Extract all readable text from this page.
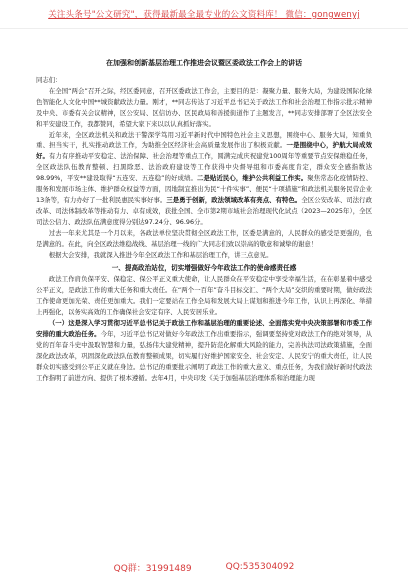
关注头条号"公文研究"，获得最新最全最专业的公文资料库！ 微信：gongwenyj
在加强和创新基层治理工作推进会议暨区委政法工作会上的讲话
同志们：

在全国“两会”召开之际，经区委同意，召开区委政法工作会，主要目的是：凝聚力量、服务大局，为建设国际化绿色智能化人文化中国**城资献政法力量。刚才，**同志传达了习近平总书记关于政法工作和社会治理工作指示批示精神及中央、市委有关会议精神，区公安局、区信访办、区民政局和善援街道作了主题发言，**同志安排部署了全区法安全和平安建设工作，我都赞同，希望大家下来以以认真抓好落实。

近年来，全区政法机关和政法干警深学笃用习近平新时代中国特色社会主义思想，围绕中心、服务大局，知重负重、担当实干，扎实推动政法工作，为助推全区经济社会高质量发展作出了积极贡献。一是围绕中心，护航大局成效好。有力有序推动平安稳定、法治保障、社会治理等重点工作，圆满完成庆祝建党100周年等重要节点安保维稳任务，全区政法队伍教育整顿、扫黑除恶、法治政府建设等工作获得中央督导组和市委高度肯定，群众安全感指数达98.99%，平安**建设取得“五连安、五连稳”的好成绩。二是贴近民心，维护公共利益工作实。聚焦常态化疫情防控、服务和发展市场主体、维护群众权益等方面，因地制宜推出为民“十件实事”、便民“十项措施”和政法机关服务民营企业13条等，有力办好了一批利民惠民实事好事。三是勇于创新，政法领域改革有亮点、有特色。全区公安改革、司法行政改革、司法体制改革等推动有力、卓有成效，获批全国、全市第2期市域社会治理现代化试点（2023—2025年），全区司法公信力、政法队伍满意度得分别达97.24分、96.96分。

过去一年来尤其是一个月以来，各政法单位坚决贯彻全区政法工作，区委是满意的，人民群众的感受是更强的，也是满意的。在此，向全区政法维稳战线、基层治理一线的广大同志们致以崇高的敬意和诚挚的谢意！

根据大会安排，我就深入推进今年全区政法工作和基层治理工作，讲三点意见。

一、提高政治站位，切实增强做好今年政法工作的使命感责任感

政法工作肩负保平安、保稳定、保公平正义重大使命，让人民群众在平安稳定中享受幸福生活，在在彰显着中感受公平正义，是政法工作的重大任务和重大责任。在“两个一百年”奋斗目标交汇、“两个大局”交织的重要时期，做好政法工作使命更加光荣、责任更加重大。我们一定要站在工作全局和发展大局上谋划和推进今年工作，认识上再深化、举措上再强化，以务实高效的工作确保社会安定有序、人民安居乐业。

（一）这是深入学习贯彻习近平总书记关于政法工作和基层治理的重要论述、全面落实党中央决策部署和市委工作安排的重大政治任务。今年，习近平总书记对做好今年政法工作出重要指示，强调要坚持党对政法工作的绝对领导，从党的百年奋斗史中汲取智慧和力量，弘扬伟大建党精神，提升防范化解重大风险的能力，完善执法司法政策措施，全面深化政法改革，巩固深化政法队伍教育整顿成果，切实履行好维护国家安全、社会安定、人民安宁的重大责任，让人民群众切实感受到公平正义就在身边。总书记的重要批示阐明了政法工作的重大意义、重点任务，为我们做好新时代政法工作指明了前进方向、提供了根本遵循。去年4月，中央印发《关于加强基层治理体系和治理能力现

QQ群：31991489	QQ:535304092
